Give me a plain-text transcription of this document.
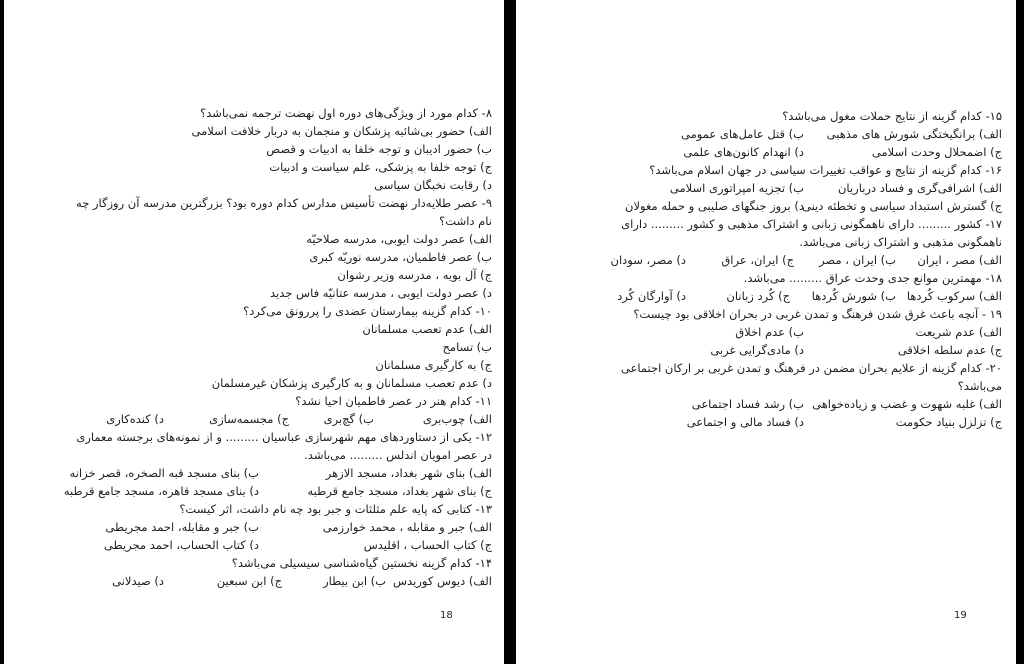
۸- کدام مورد از ویژگی‌های دوره اول نهضت ترجمه نمی‌باشد؟
الف) حضور بی‌شائبه پزشکان و منجمان به دربار خلافت اسلامی
ب) حضور ادیبان و توجه خلفا به ادبیات و قصص
ج) توجه خلفا به پزشکی، علم سیاست و ادبیات
د) رقابت نخبگان سیاسی
۹- عصر طلایه‌دار نهضت تأسیس مدارس کدام دوره بود؟ بزرگترین مدرسه آن روزگار چه
نام داشت؟
الف) عصر دولت ایوبی، مدرسه صلاحیّه
ب) عصر فاطمیان، مدرسه نوریّه کبری
ج) آل بویه ، مدرسه وزیر رشوان
د) عصر دولت ایوبی ، مدرسه عتانیّه فاس جدید
۱۰- کدام گزینه بیمارستان عضدی را پررونق می‌کرد؟
الف) عدم تعصب مسلمانان
ب) تسامح
ج) به کارگیری مسلمانان
د) عدم تعصب مسلمانان و به کارگیری پزشکان غیرمسلمان
۱۱- کدام هنر در عصر فاطمیان احیا نشد؟
الف) چوب‌بری
ب) گچ‌بری
ج) مجسمه‌سازی
د) کنده‌کاری
۱۲- یکی از دستاوردهای مهم شهرسازی عباسیان ......... و از نمونه‌های برجسته معماری
در عصر امویان اندلس ......... می‌باشد.
الف) بنای شهر بغداد، مسجد الازهر
ب) بنای مسجد قبه الصخره، قصر خزانه
ج) بنای شهر بغداد، مسجد جامع قرطبه
د) بنای مسجد قاهره، مسجد جامع قرطبه
۱۳- کتابی که پایه علم مثلثات و جبر بود چه نام داشت، اثر کیست؟
الف) جبر و مقابله ، محمد خوارزمی
ب) جبر و مقابله، احمد مجریطی
ج) کتاب الحساب ، اقلیدس
د) کتاب الحساب، احمد مجریطی
۱۴- کدام گزینه نخستین گیاه‌شناسی سیسیلی می‌باشد؟
الف) دیوس کوریدس
ب) ابن بیطار
ج) ابن سبعین
د) صیدلانی
18
۱۵- کدام گزینه از نتایج حملات مغول می‌باشد؟
الف) برانگیختگی شورش های مذهبی
ب) قتل عامل‌های عمومی
ج) اضمحلال وحدت اسلامی
د) انهدام کانون‌های علمی
۱۶- کدام گزینه از نتایج و عواقب تغییرات سیاسی در جهان اسلام می‌باشد؟
الف) اشرافی‌گری و فساد درباریان
ب) تجزیه امپراتوری اسلامی
ج) گسترش استبداد سیاسی و تخطئه دینی
د) بروز جنگهای صلیبی و حمله مغولان
۱۷- کشور ......... دارای ناهمگونی زبانی و اشتراک مذهبی و کشور ......... دارای
ناهمگونی مذهبی و اشتراک زبانی می‌باشد.
الف) مصر ، ایران
ب) ایران ، مصر
ج) ایران، عراق
د) مصر، سودان
۱۸- مهمترین موانع جدی وحدت عراق ......... می‌باشد.
الف) سرکوب کُردها
ب) شورش کُردها
ج) کُرد زبانان
د) آوارگان کُرد
۱۹ - آنچه باعث غرق شدن فرهنگ و تمدن غربی در بحران اخلاقی بود چیست؟
الف) عدم شریعت
ب) عدم اخلاق
ج) عدم سلطه اخلاقی
د) مادی‌گرایی غربی
۲۰- کدام گزینه از علایم بحران مضمن در فرهنگ و تمدن غربی بر ارکان اجتماعی
می‌باشد؟
الف) غلبه شهوت و غضب و زیاده‌خواهی
ب) رشد فساد اجتماعی
ج) تزلزل بنیاد حکومت
د) فساد مالی و اجتماعی
19
